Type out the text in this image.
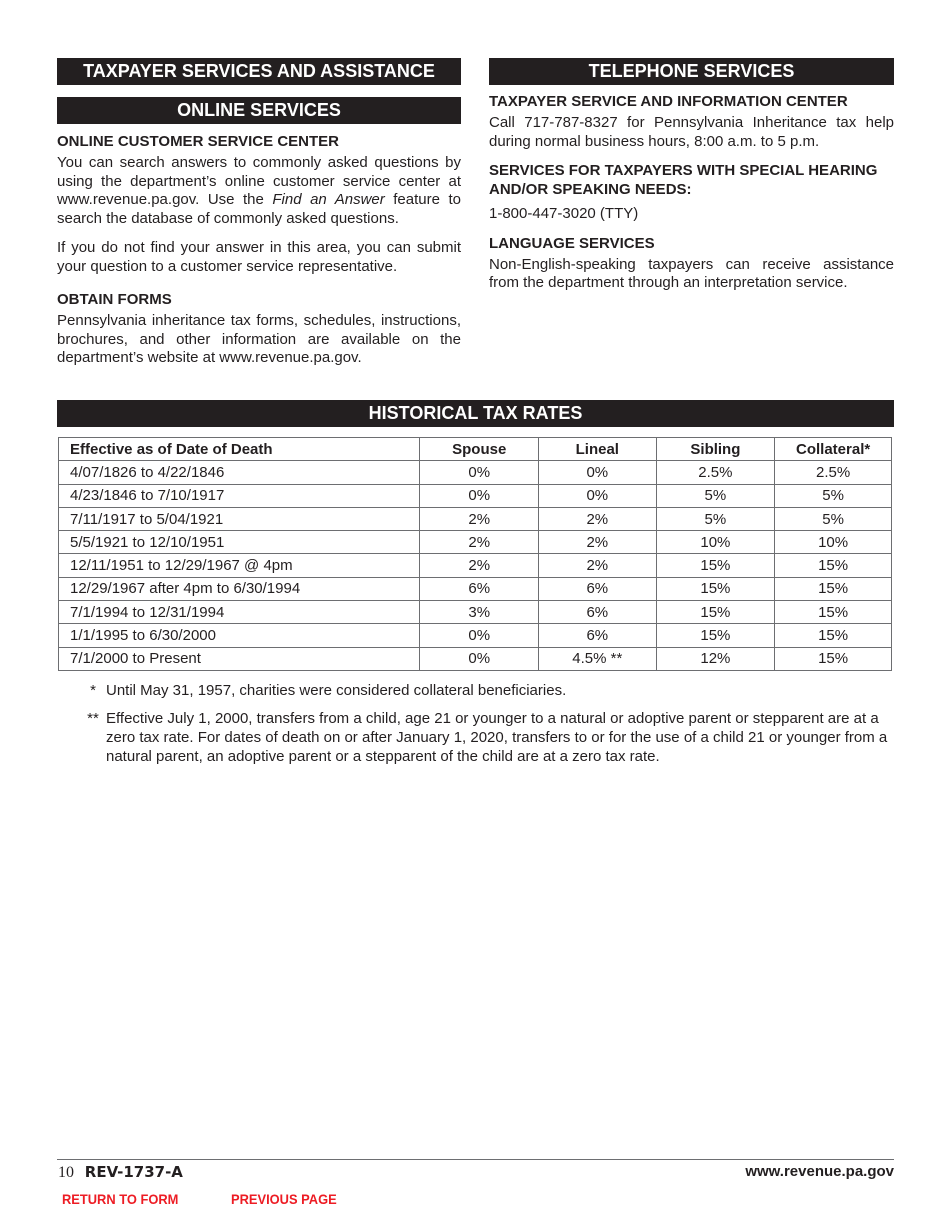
TAXPAYER SERVICES AND ASSISTANCE
ONLINE SERVICES
ONLINE CUSTOMER SERVICE CENTER

You can search answers to commonly asked questions by using the department’s online customer service center at www.revenue.pa.gov. Use the Find an Answer feature to search the database of commonly asked questions.

If you do not find your answer in this area, you can submit your question to a customer service representative.

OBTAIN FORMS

Pennsylvania inheritance tax forms, schedules, instructions, brochures, and other information are available on the department’s website at www.revenue.pa.gov.

TELEPHONE SERVICES
TAXPAYER SERVICE AND INFORMATION CENTER

Call 717-787-8327 for Pennsylvania Inheritance tax help during normal business hours, 8:00 a.m. to 5 p.m.

SERVICES FOR TAXPAYERS WITH SPECIAL HEARING AND/OR SPEAKING NEEDS:

1-800-447-3020 (TTY)

LANGUAGE SERVICES

Non-English-speaking taxpayers can receive assistance from the department through an interpretation service.

HISTORICAL TAX RATES
Effective as of Date of Death	Spouse	Lineal	Sibling	Collateral*
4/07/1826 to 4/22/1846	0%	0%	2.5%	2.5%
4/23/1846 to 7/10/1917	0%	0%	5%	5%
7/11/1917 to 5/04/1921	2%	2%	5%	5%
5/5/1921 to 12/10/1951	2%	2%	10%	10%
12/11/1951 to 12/29/1967 @ 4pm	2%	2%	15%	15%
12/29/1967 after 4pm to 6/30/1994	6%	6%	15%	15%
7/1/1994 to 12/31/1994	3%	6%	15%	15%
1/1/1995 to 6/30/2000	0%	6%	15%	15%
7/1/2000 to Present	0%	4.5% **	12%	15%
* Until May 31, 1957, charities were considered collateral beneficiaries.
** Effective July 1, 2000, transfers from a child, age 21 or younger to a natural or adoptive parent or stepparent are at a zero tax rate. For dates of death on or after January 1, 2020, transfers to or for the use of a child 21 or younger from a natural parent, an adoptive parent or a stepparent of the child are at a zero tax rate.
10 REV-1737-A	www.revenue.pa.gov
RETURN TO FORM	PREVIOUS PAGE
